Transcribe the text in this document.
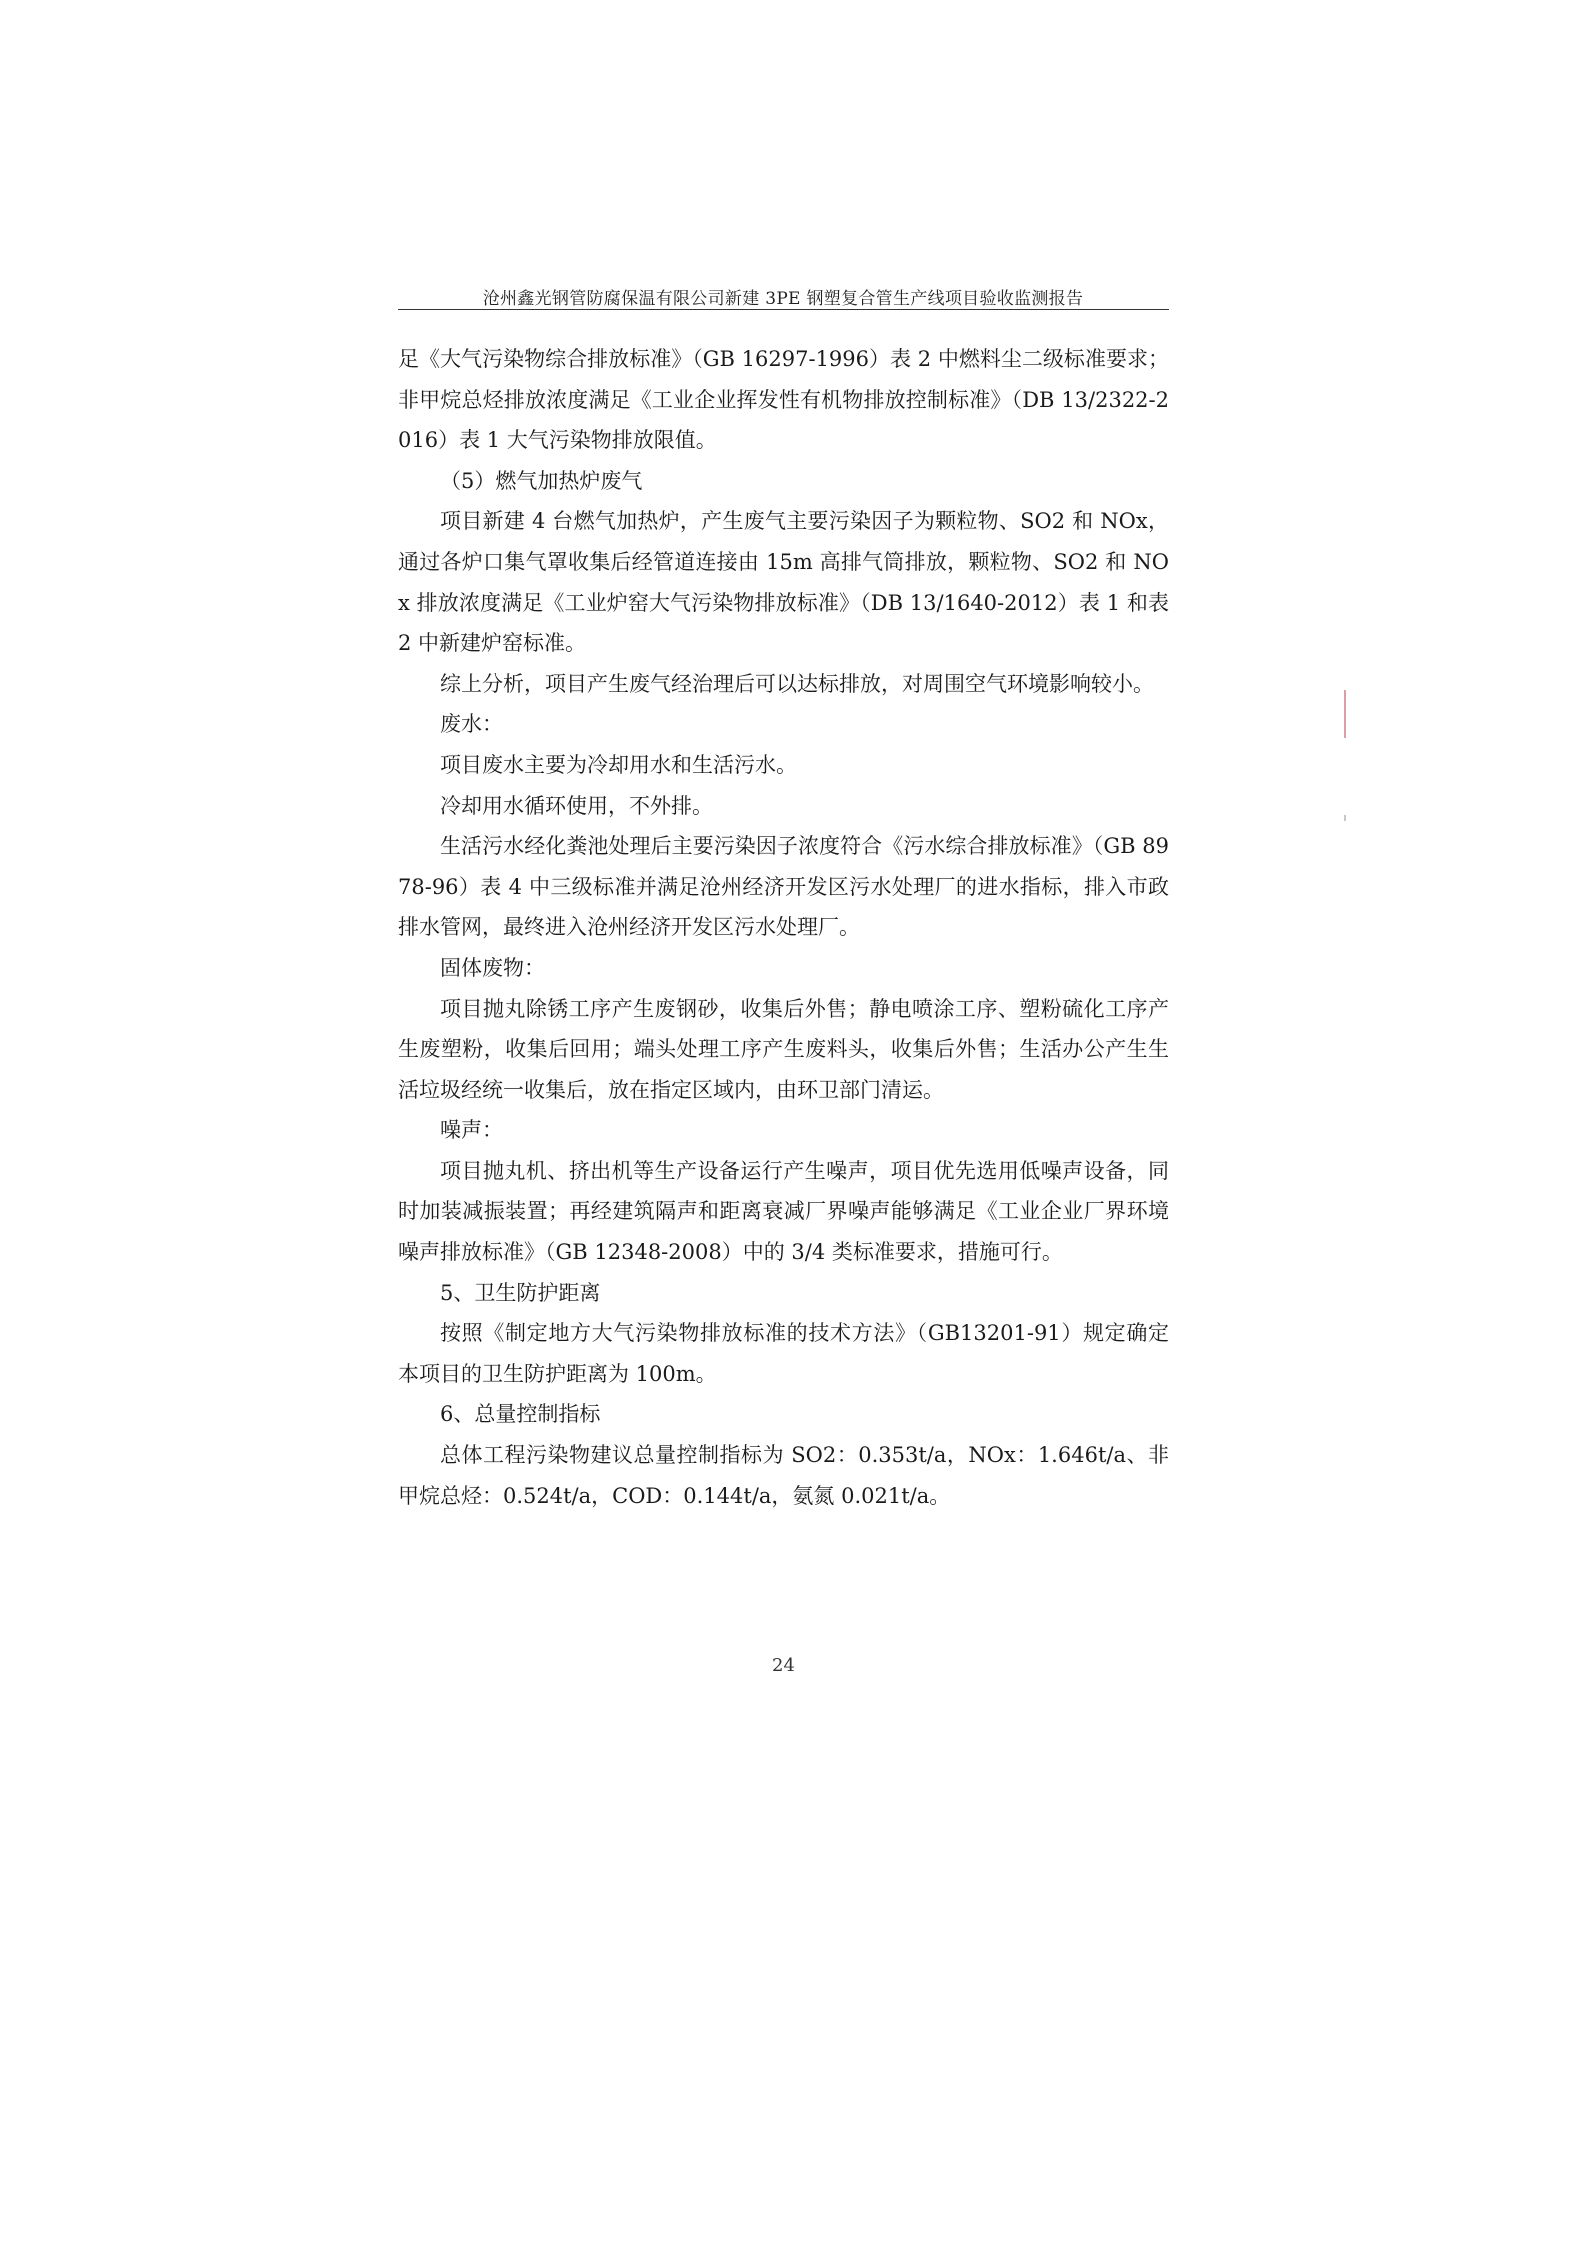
沧州鑫光钢管防腐保温有限公司新建 3PE 钢塑复合管生产线项目验收监测报告

足《大气污染物综合排放标准》（GB 16297-1996）表 2 中燃料尘二级标准要求；非甲烷总烃排放浓度满足《工业企业挥发性有机物排放控制标准》（DB 13/2322-2016）表 1 大气污染物排放限值。

（5）燃气加热炉废气

项目新建 4 台燃气加热炉，产生废气主要污染因子为颗粒物、SO2 和 NOx，通过各炉口集气罩收集后经管道连接由 15m 高排气筒排放，颗粒物、SO2 和 NOx 排放浓度满足《工业炉窑大气污染物排放标准》（DB 13/1640-2012）表 1 和表 2 中新建炉窑标准。

综上分析，项目产生废气经治理后可以达标排放，对周围空气环境影响较小。

废水：

项目废水主要为冷却用水和生活污水。

冷却用水循环使用，不外排。

生活污水经化粪池处理后主要污染因子浓度符合《污水综合排放标准》（GB 8978-96）表 4 中三级标准并满足沧州经济开发区污水处理厂的进水指标，排入市政排水管网，最终进入沧州经济开发区污水处理厂。

固体废物：

项目抛丸除锈工序产生废钢砂，收集后外售；静电喷涂工序、塑粉硫化工序产生废塑粉，收集后回用；端头处理工序产生废料头，收集后外售；生活办公产生生活垃圾经统一收集后，放在指定区域内，由环卫部门清运。

噪声：

项目抛丸机、挤出机等生产设备运行产生噪声，项目优先选用低噪声设备，同时加装减振装置；再经建筑隔声和距离衰减厂界噪声能够满足《工业企业厂界环境噪声排放标准》（GB 12348-2008）中的 3/4 类标准要求，措施可行。

5、卫生防护距离

按照《制定地方大气污染物排放标准的技术方法》（GB13201-91）规定确定本项目的卫生防护距离为 100m。

6、总量控制指标

总体工程污染物建议总量控制指标为 SO2：0.353t/a，NOx：1.646t/a、非甲烷总烃：0.524t/a，COD：0.144t/a，氨氮 0.021t/a。

24
